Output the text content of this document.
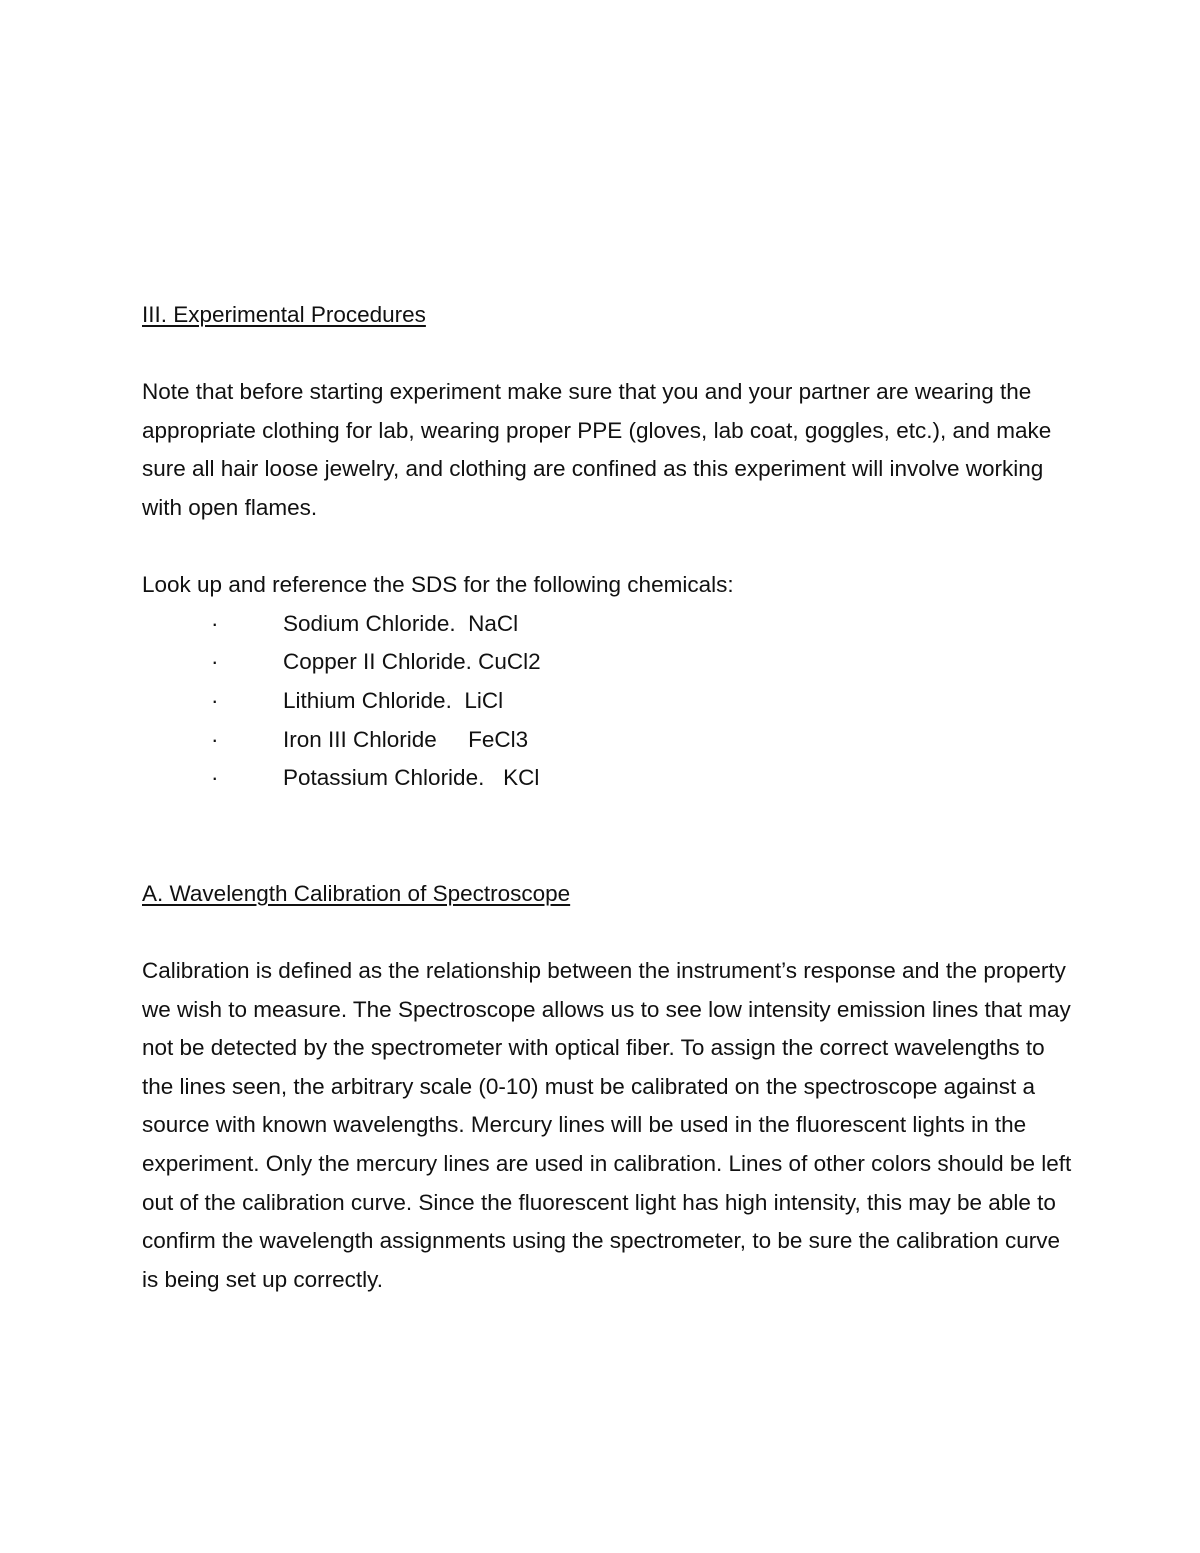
III. Experimental Procedures

Note that before starting experiment make sure that you and your partner are wearing the appropriate clothing for lab, wearing proper PPE (gloves, lab coat, goggles, etc.), and make sure all hair loose jewelry, and clothing are confined as this experiment will involve working with open flames.

Look up and reference the SDS for the following chemicals:

·	Sodium Chloride.  NaCl
·	Copper II Chloride. CuCl2
·	Lithium Chloride.  LiCl
·	Iron III Chloride     FeCl3
·	Potassium Chloride.   KCl
A. Wavelength Calibration of Spectroscope

Calibration is defined as the relationship between the instrument’s response and the property we wish to measure. The Spectroscope allows us to see low intensity emission lines that may not be detected by the spectrometer with optical fiber. To assign the correct wavelengths to the lines seen, the arbitrary scale (0-10) must be calibrated on the spectroscope against a source with known wavelengths. Mercury lines will be used in the fluorescent lights in the experiment. Only the mercury lines are used in calibration. Lines of other colors should be left out of the calibration curve. Since the fluorescent light has high intensity, this may be able to confirm the wavelength assignments using the spectrometer, to be sure the calibration curve is being set up correctly.
